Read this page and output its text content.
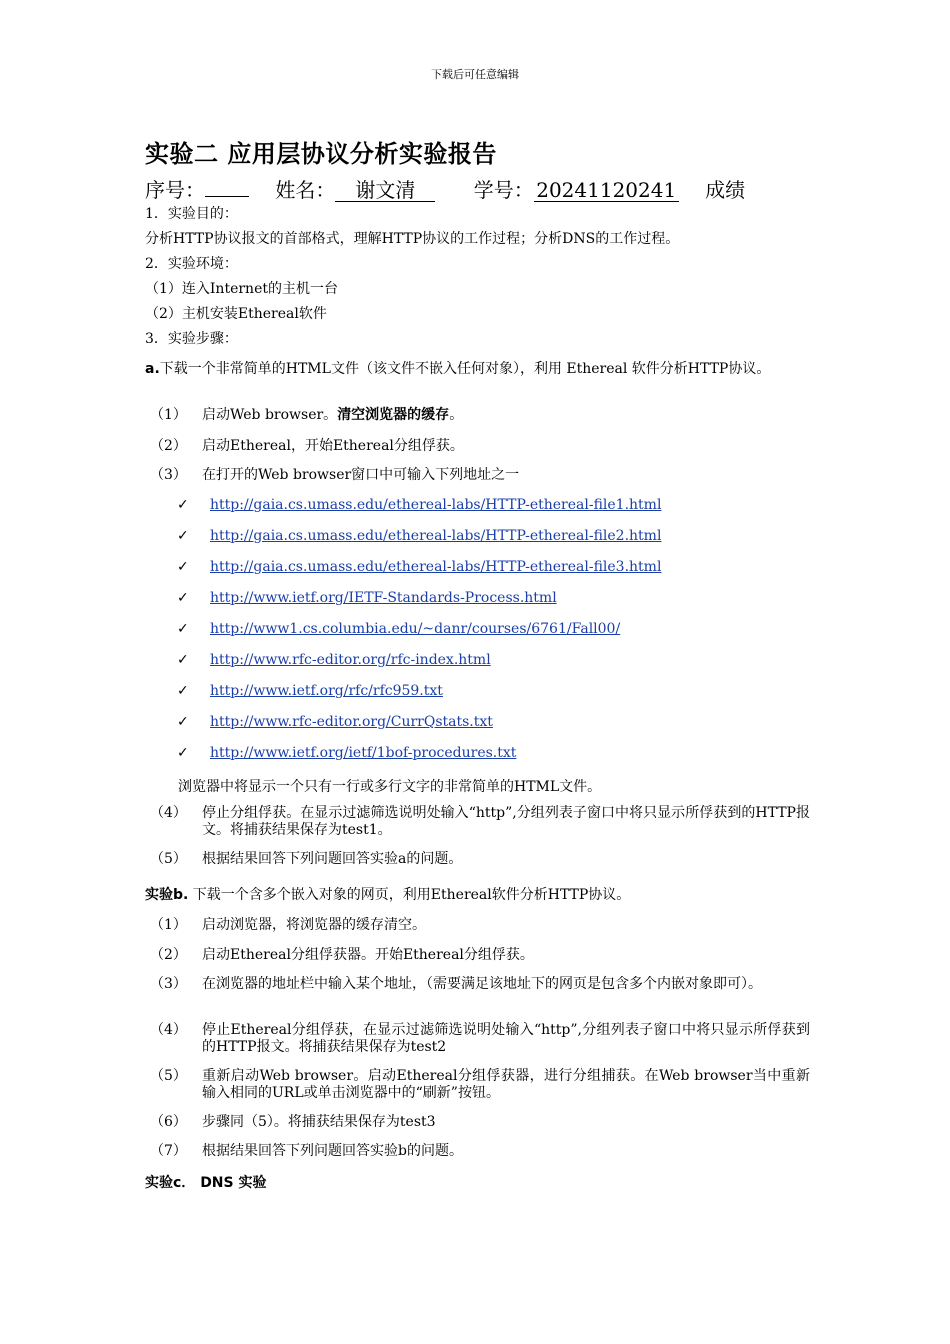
下载后可任意编辑
实验二 应用层协议分析实验报告
序号：	姓名： 谢文清	学号： 20241120241 成绩
1．实验目的：
分析HTTP协议报文的首部格式，理解HTTP协议的工作过程；分析DNS的工作过程。
2．实验环境：
（1）连入Internet的主机一台
（2）主机安装Ethereal软件
3．实验步骤：
a.下载一个非常简单的HTML文件（该文件不嵌入任何对象），利用 Ethereal 软件分析HTTP协议。
（1）	启动Web browser。清空浏览器的缓存。
（2）	启动Ethereal，开始Ethereal分组俘获。
（3）	在打开的Web browser窗口中可输入下列地址之一
✓ http://gaia.cs.umass.edu/ethereal-labs/HTTP-ethereal-file1.html
✓ http://gaia.cs.umass.edu/ethereal-labs/HTTP-ethereal-file2.html
✓ http://gaia.cs.umass.edu/ethereal-labs/HTTP-ethereal-file3.html
✓ http://www.ietf.org/IETF-Standards-Process.html
✓ http://www1.cs.columbia.edu/~danr/courses/6761/Fall00/
✓ http://www.rfc-editor.org/rfc-index.html
✓ http://www.ietf.org/rfc/rfc959.txt
✓ http://www.rfc-editor.org/CurrQstats.txt
✓ http://www.ietf.org/ietf/1bof-procedures.txt
浏览器中将显示一个只有一行或多行文字的非常简单的HTML文件。
（4）	停止分组俘获。在显示过滤筛选说明处输入“http”,分组列表子窗口中将只显示所俘获到的HTTP报文。将捕获结果保存为test1。
（5）	根据结果回答下列问题回答实验a的问题。
实验b. 下载一个含多个嵌入对象的网页，利用Ethereal软件分析HTTP协议。
（1）	启动浏览器，将浏览器的缓存清空。
（2）	启动Ethereal分组俘获器。开始Ethereal分组俘获。
（3）	在浏览器的地址栏中输入某个地址，（需要满足该地址下的网页是包含多个内嵌对象即可）。
（4）	停止Ethereal分组俘获，在显示过滤筛选说明处输入“http”,分组列表子窗口中将只显示所俘获到的HTTP报文。将捕获结果保存为test2
（5）	重新启动Web browser。启动Ethereal分组俘获器，进行分组捕获。在Web browser当中重新输入相同的URL或单击浏览器中的“刷新”按钮。
（6）	步骤同（5）。将捕获结果保存为test3
（7）	根据结果回答下列问题回答实验b的问题。
实验c． DNS 实验
